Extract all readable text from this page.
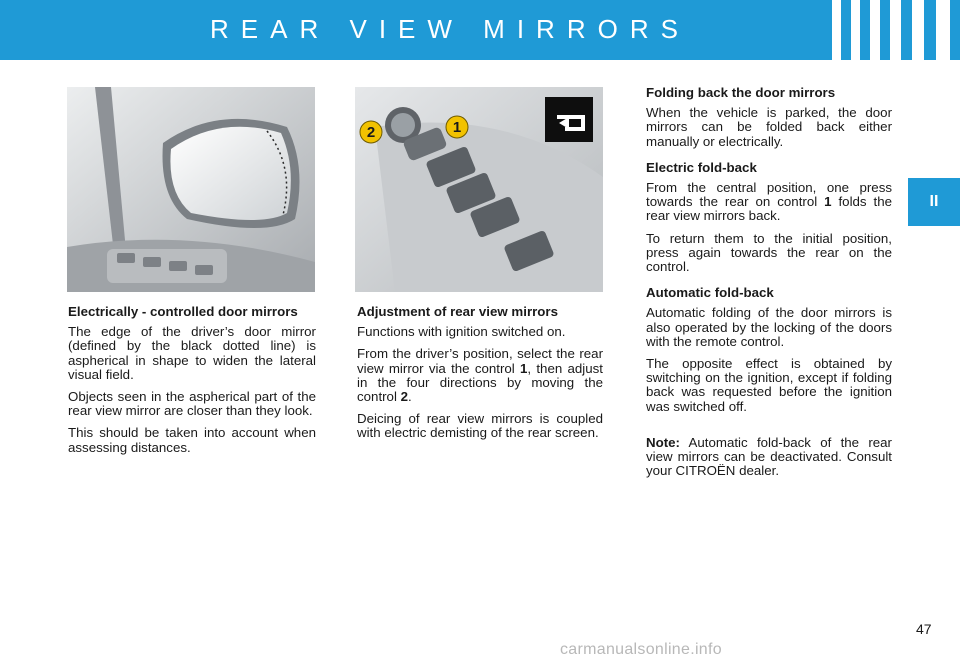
REAR VIEW MIRRORS
II
1
2
Electrically - controlled door mirrors

The edge of the driver’s door mirror (defined by the black dotted line) is aspherical in shape to widen the lateral visual field.

Objects seen in the aspherical part of the rear view mirror are closer than they look.

This should be taken into account when assessing distances.

Adjustment of rear view mirrors

Functions with ignition switched on.

From the driver’s position, select the rear view mirror via the control 1, then adjust in the four directions by moving the control 2.

Deicing of rear view mirrors is coupled with electric demisting of the rear screen.

Folding back the door mirrors

When the vehicle is parked, the door mirrors can be folded back either manually or electrically.

Electric fold-back

From the central position, one press towards the rear on control 1 folds the rear view mirrors back.

To return them to the initial position, press again towards the rear on the control.

Automatic fold-back

Automatic folding of the door mirrors is also operated by the locking of the doors with the remote control.

The opposite effect is obtained by switching on the ignition, except if folding back was requested before the ignition was switched off.

Note: Automatic fold-back of the rear view mirrors can be deactivated. Consult your CITROËN dealer.

47
carmanualsonline.info
